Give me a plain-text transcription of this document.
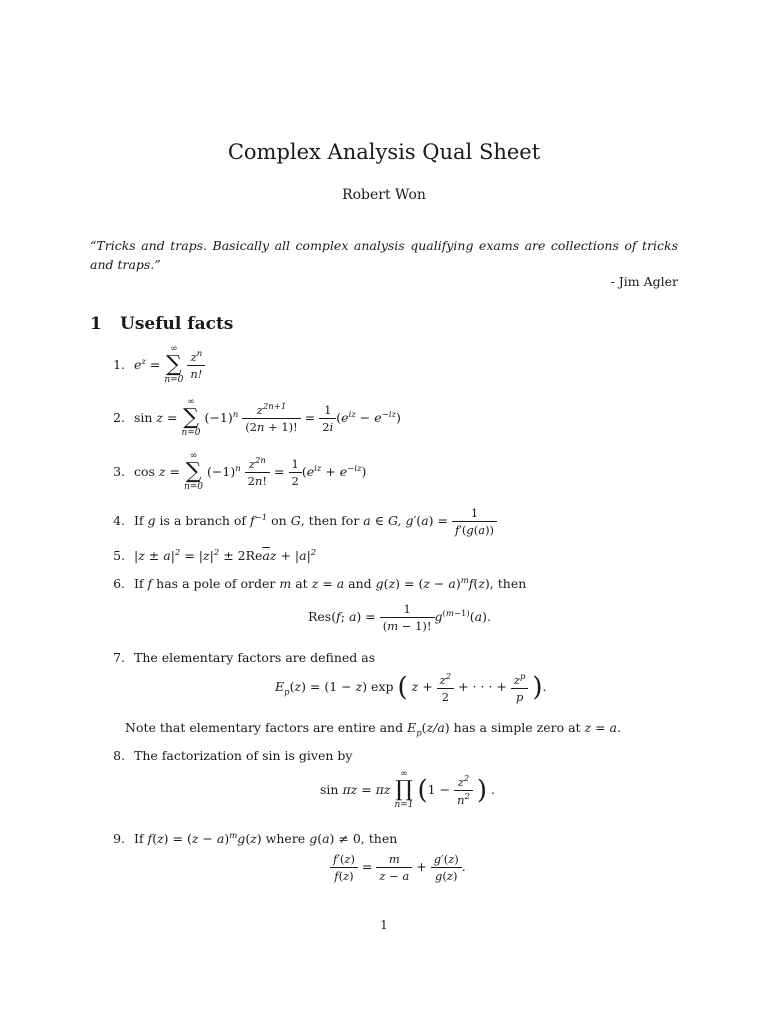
Complex Analysis Qual Sheet
Robert Won
“Tricks and traps. Basically all complex analysis qualifying exams are collections of tricks and traps.”
- Jim Agler
1 Useful facts
1. $e^z$ =
∞
∑
n=0
$\frac{z^n}{n!}$
2. sin z =
∞
∑
n=0
$(-1)^n \frac{z^{2n+1}}{(2n + 1)!} = \frac{1}{2i} (e^{iz} - e^{-iz})$
3. cos z =
∞
∑
n=0
$(-1)^n \frac{z^{2n}}{2n!} = \frac{1}{2} (e^{iz} + e^{-iz})$
4. If g is a branch of $f^{-1}$ on G, then for a ∈ G, $g'(a) = \frac{1}{f'(g(a))}$
5. $|z \pm a|^2 = |z|^2 \pm 2Re\overline{a}z + |a|^2$
6. If f has a pole of order m at z = a and $g(z) = (z - a)^mf(z)$, then
Res(f; $a) = \frac{1}{(m - 1)!} g^{(m-1)}(a)$.
7. The elementary factors are defined as
$E_p(z) = (1 - z)$ exp ( $z + \frac{z^2}{2}$ + · · · + $\frac{z^p}{p}$ ).
Note that elementary factors are entire and $E_p(z/a)$ has a simple zero at z = a.
8. The factorization of sin is given by
sin πz = πz
∞
∏
n=1 ($1 - \frac{z^2}{n^2}$ ) .
9. If $f(z) = (z - a)^mg(z)$ where g(a) ≠ 0, then
$\frac{f'(z)}{f(z)} = \frac{m}{z - a} + \frac{g'(z)}{g(z)}$ .
1
